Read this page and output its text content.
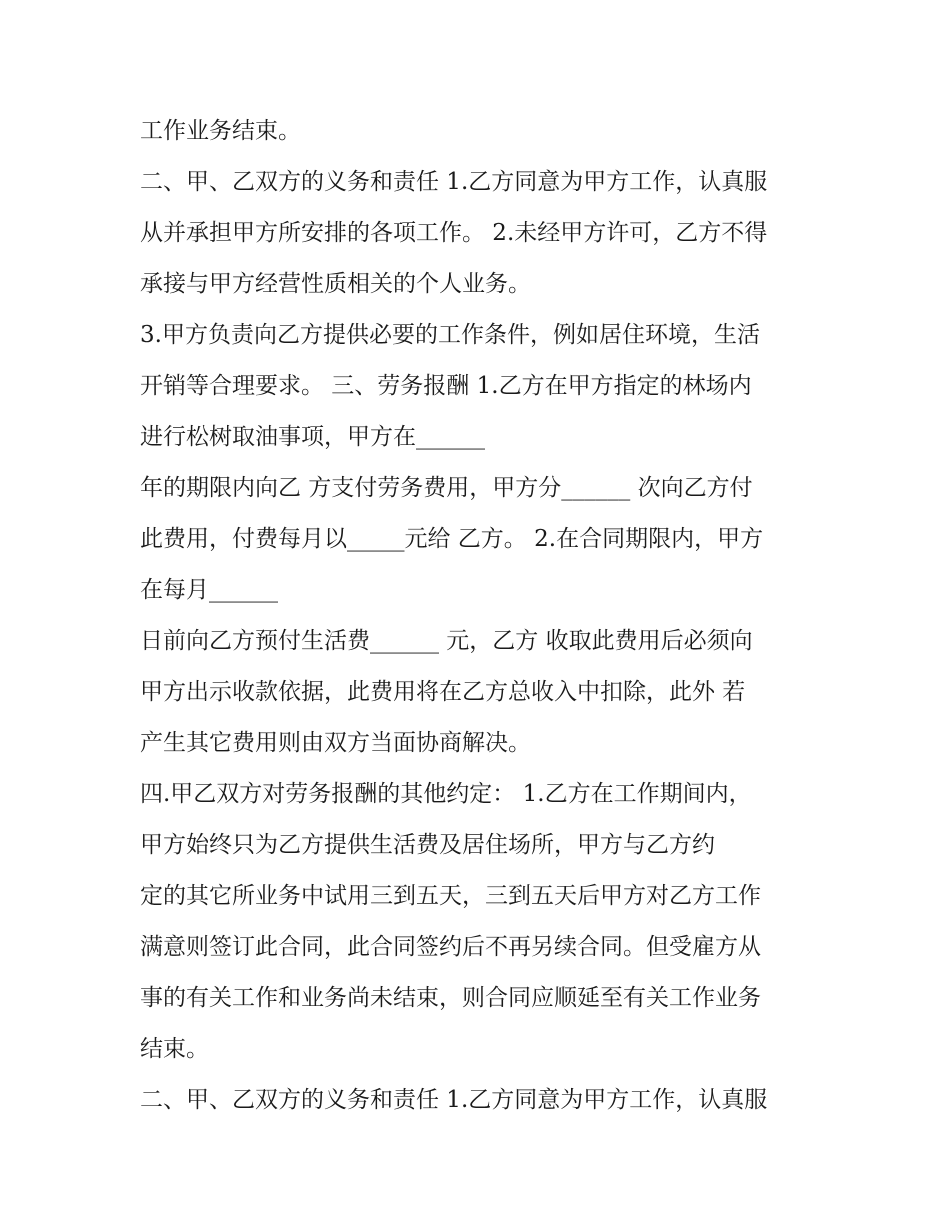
工作业务结束。
二、甲、乙双方的义务和责任 1.乙方同意为甲方工作，认真服
从并承担甲方所安排的各项工作。 2.未经甲方许可，乙方不得
承接与甲方经营性质相关的个人业务。
3.甲方负责向乙方提供必要的工作条件，例如居住环境，生活
开销等合理要求。 三、劳务报酬 1.乙方在甲方指定的林场内
进行松树取油事项，甲方在______
年的期限内向乙 方支付劳务费用，甲方分______ 次向乙方付
此费用，付费每月以_____元给 乙方。 2.在合同期限内，甲方
在每月______
日前向乙方预付生活费______ 元，乙方 收取此费用后必须向
甲方出示收款依据，此费用将在乙方总收入中扣除，此外 若
产生其它费用则由双方当面协商解决。
四.甲乙双方对劳务报酬的其他约定： 1.乙方在工作期间内，
甲方始终只为乙方提供生活费及居住场所，甲方与乙方约
定的其它所业务中试用三到五天，三到五天后甲方对乙方工作
满意则签订此合同，此合同签约后不再另续合同。但受雇方从
事的有关工作和业务尚未结束，则合同应顺延至有关工作业务
结束。
二、甲、乙双方的义务和责任 1.乙方同意为甲方工作，认真服
